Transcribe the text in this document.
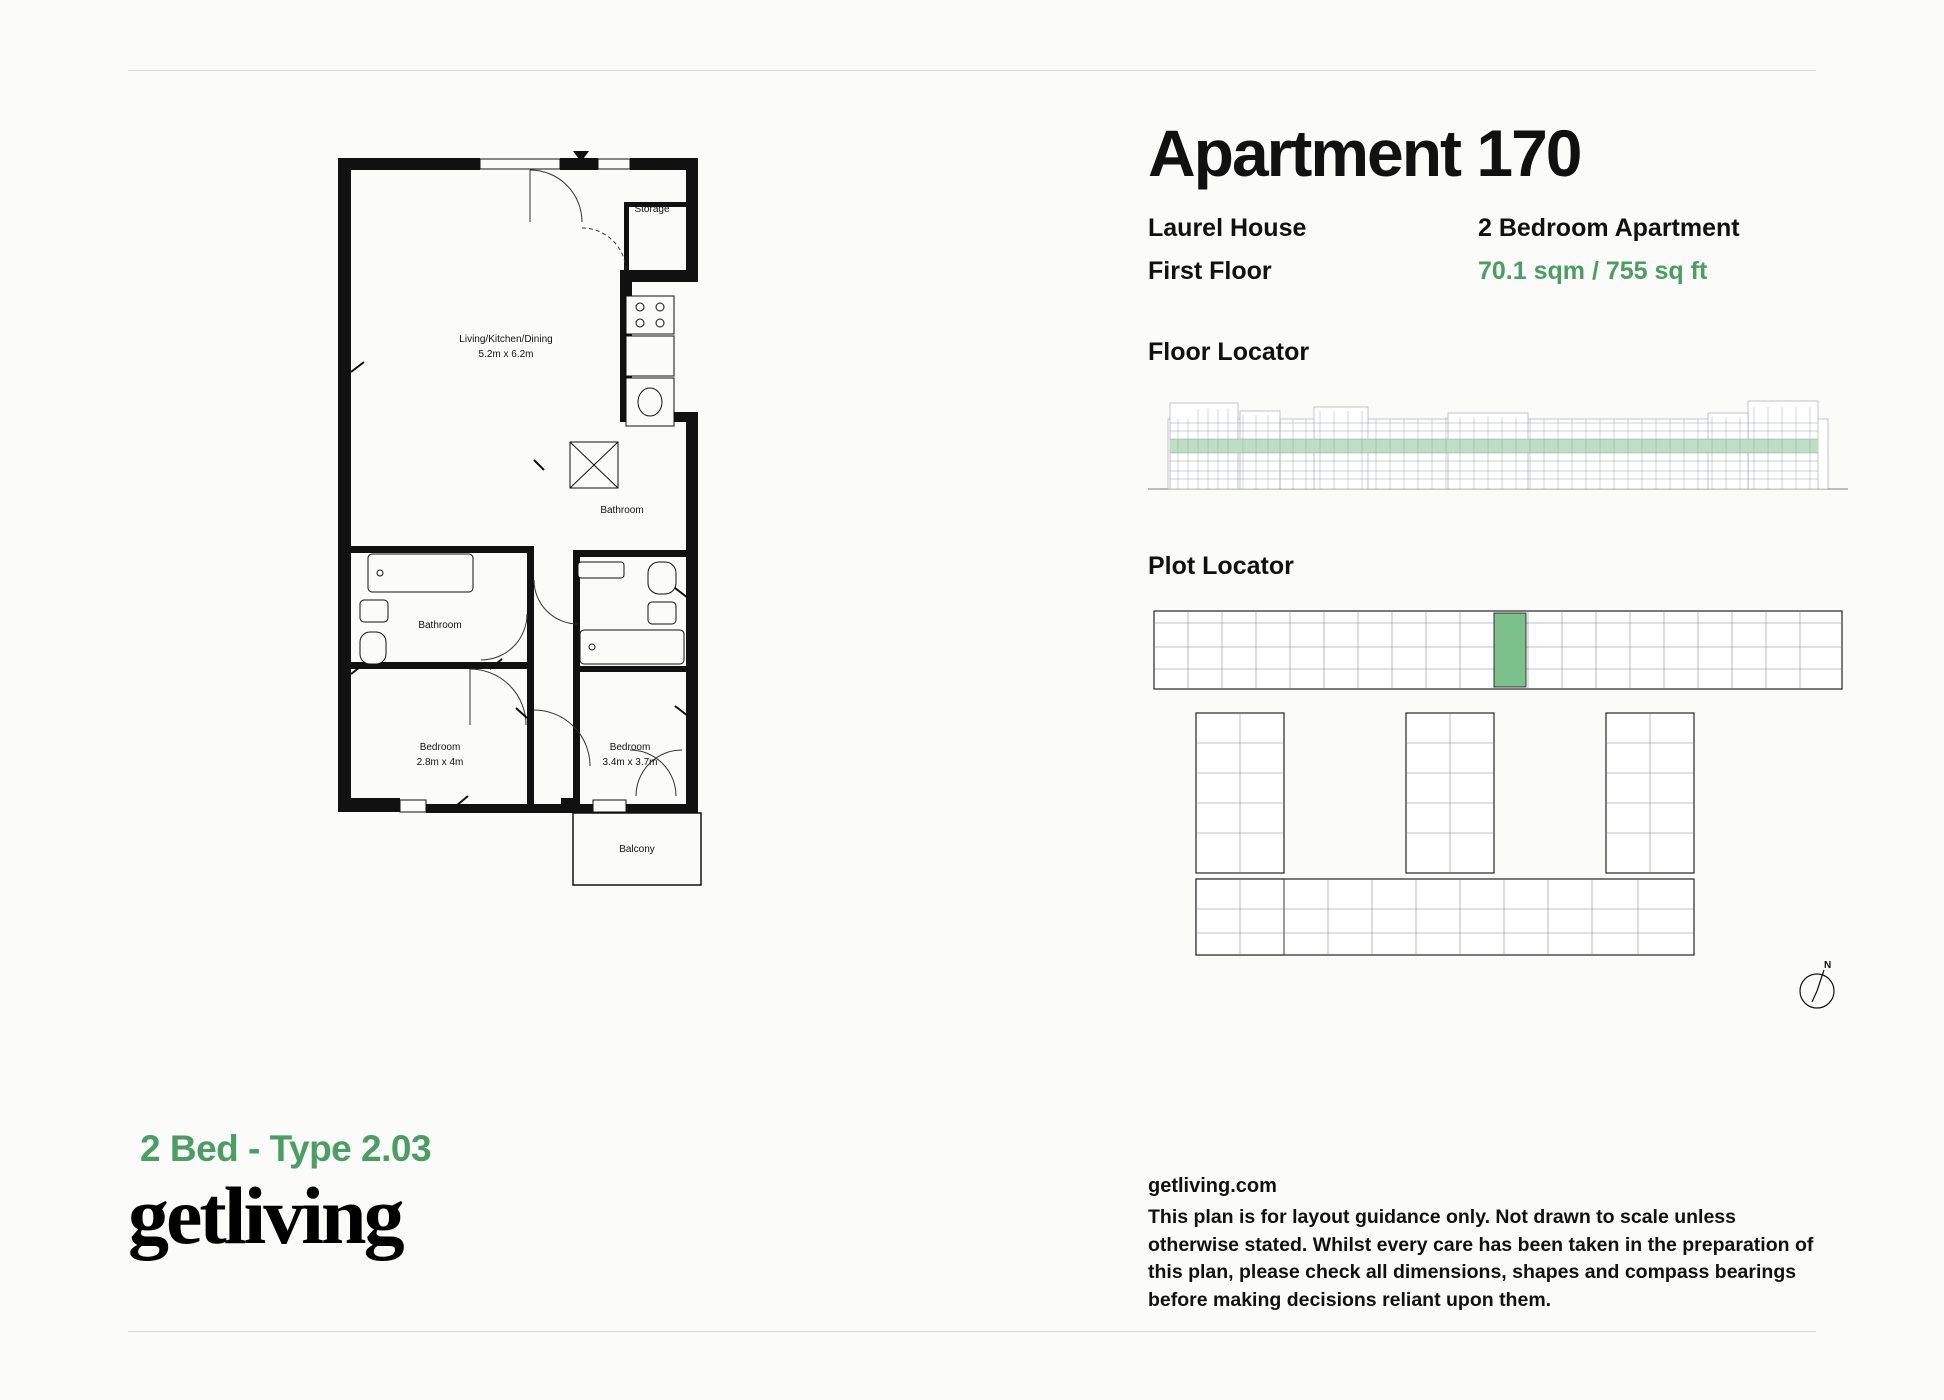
Storage
Living/Kitchen/Dining
5.2m x 6.2m
Bathroom
Bathroom
Bedroom
2.8m x 4m
Bedroom
3.4m x 3.7m
Balcony
2 Bed - Type 2.03
getliving
Apartment 170
Laurel House	2 Bedroom Apartment
First Floor	70.1 sqm / 755 sq ft
Floor Locator
Plot Locator
N
getliving.com
This plan is for layout guidance only. Not drawn to scale unless otherwise stated. Whilst every care has been taken in the preparation of this plan, please check all dimensions, shapes and compass bearings before making decisions reliant upon them.
